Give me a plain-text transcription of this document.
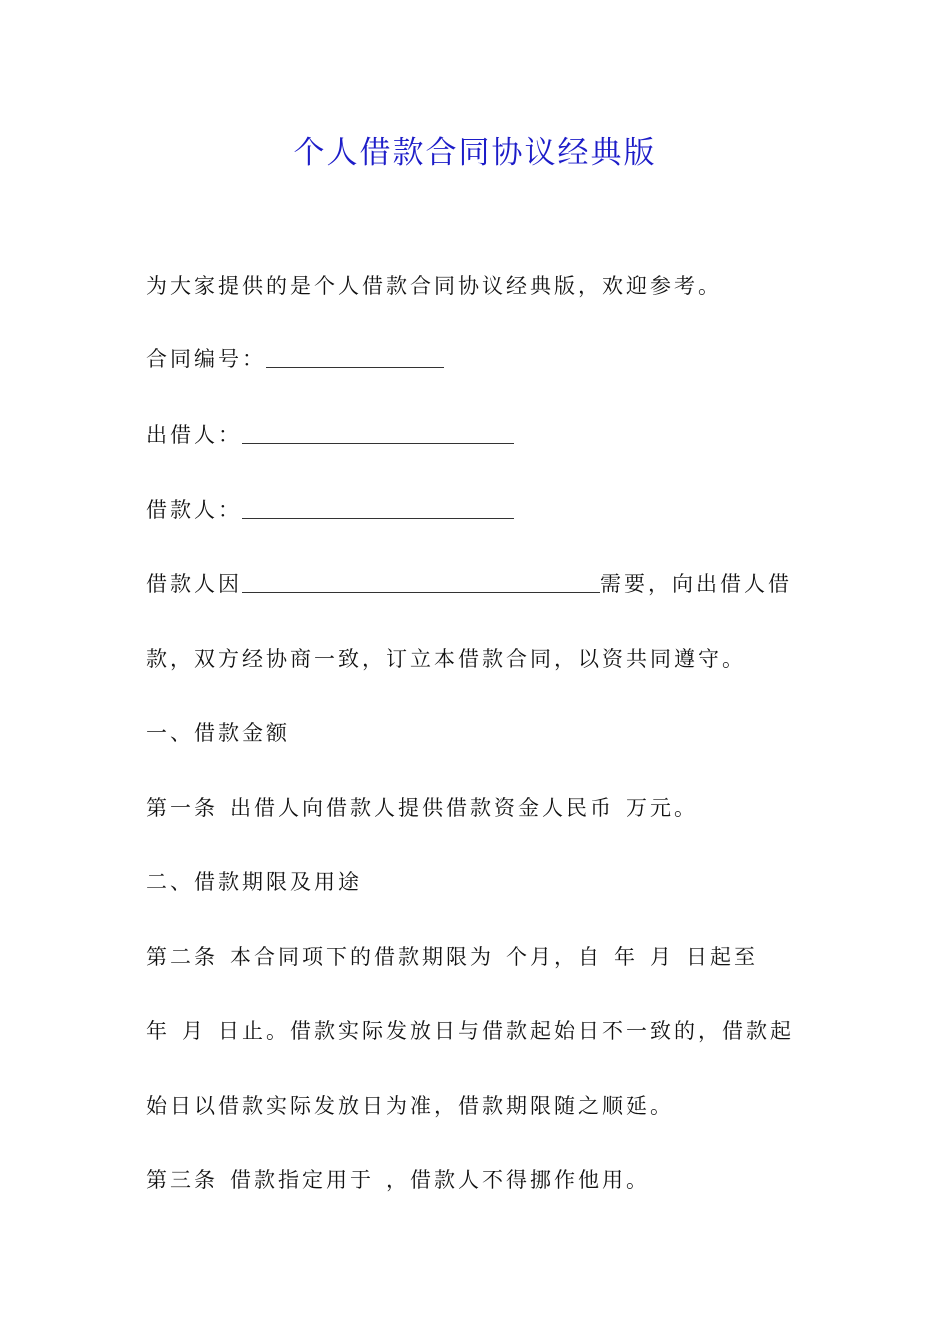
个人借款合同协议经典版
为大家提供的是个人借款合同协议经典版，欢迎参考。
合同编号：
出借人：
借款人：
借款人因	需要，向出借人借
款，双方经协商一致，订立本借款合同，以资共同遵守。
一、借款金额
第一条 出借人向借款人提供借款资金人民币 万元。
二、借款期限及用途
第二条 本合同项下的借款期限为 个月，自 年 月 日起至
年 月 日止。借款实际发放日与借款起始日不一致的，借款起
始日以借款实际发放日为准，借款期限随之顺延。
第三条 借款指定用于 ，借款人不得挪作他用。
